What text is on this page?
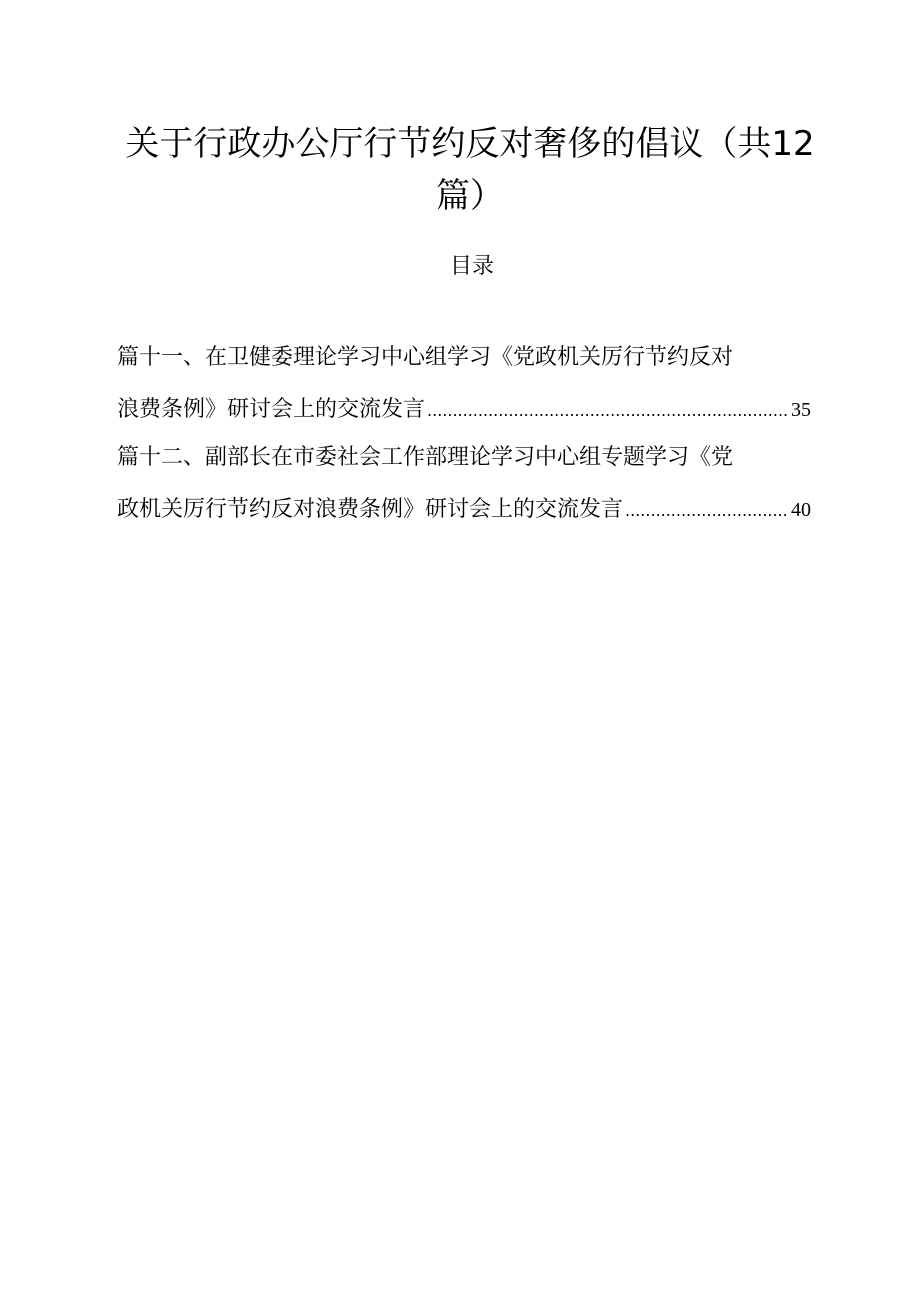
关于行政办公厅行节约反对奢侈的倡议（共12
篇）
目录
篇十一、在卫健委理论学习中心组学习《党政机关厉行节约反对
浪费条例》研讨会上的交流发言 .....	35
篇十二、副部长在市委社会工作部理论学习中心组专题学习《党
政机关厉行节约反对浪费条例》研讨会上的交流发言 .....	40
